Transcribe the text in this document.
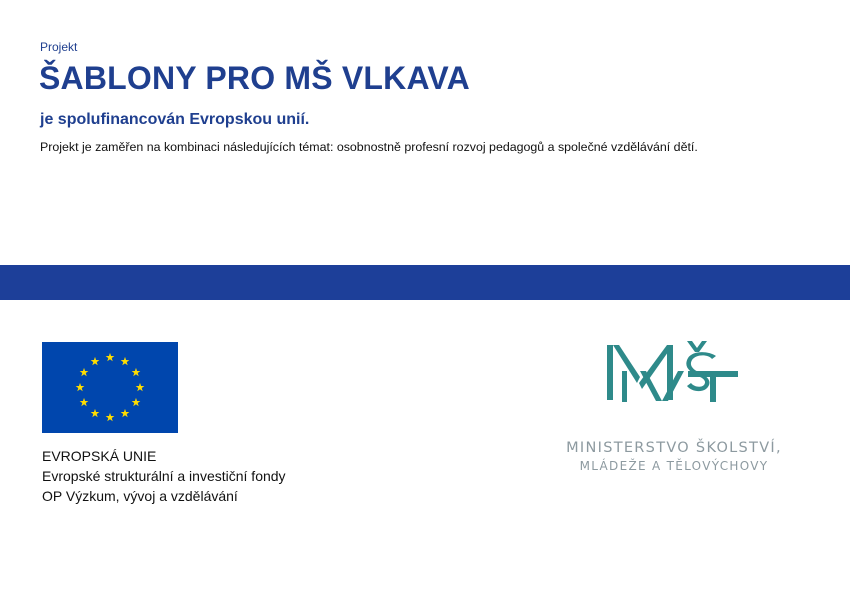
Projekt
ŠABLONY PRO MŠ VLKAVA
je spolufinancován Evropskou unií.
Projekt je zaměřen na kombinaci následujících témat: osobnostně profesní rozvoj pedagogů a společné vzdělávání dětí.
EVROPSKÁ UNIE
Evropské strukturální a investiční fondy
OP Výzkum, vývoj a vzdělávání
MINISTERSTVO ŠKOLSTVÍ,
MLÁDEŽE A TĚLOVÝCHOVY
